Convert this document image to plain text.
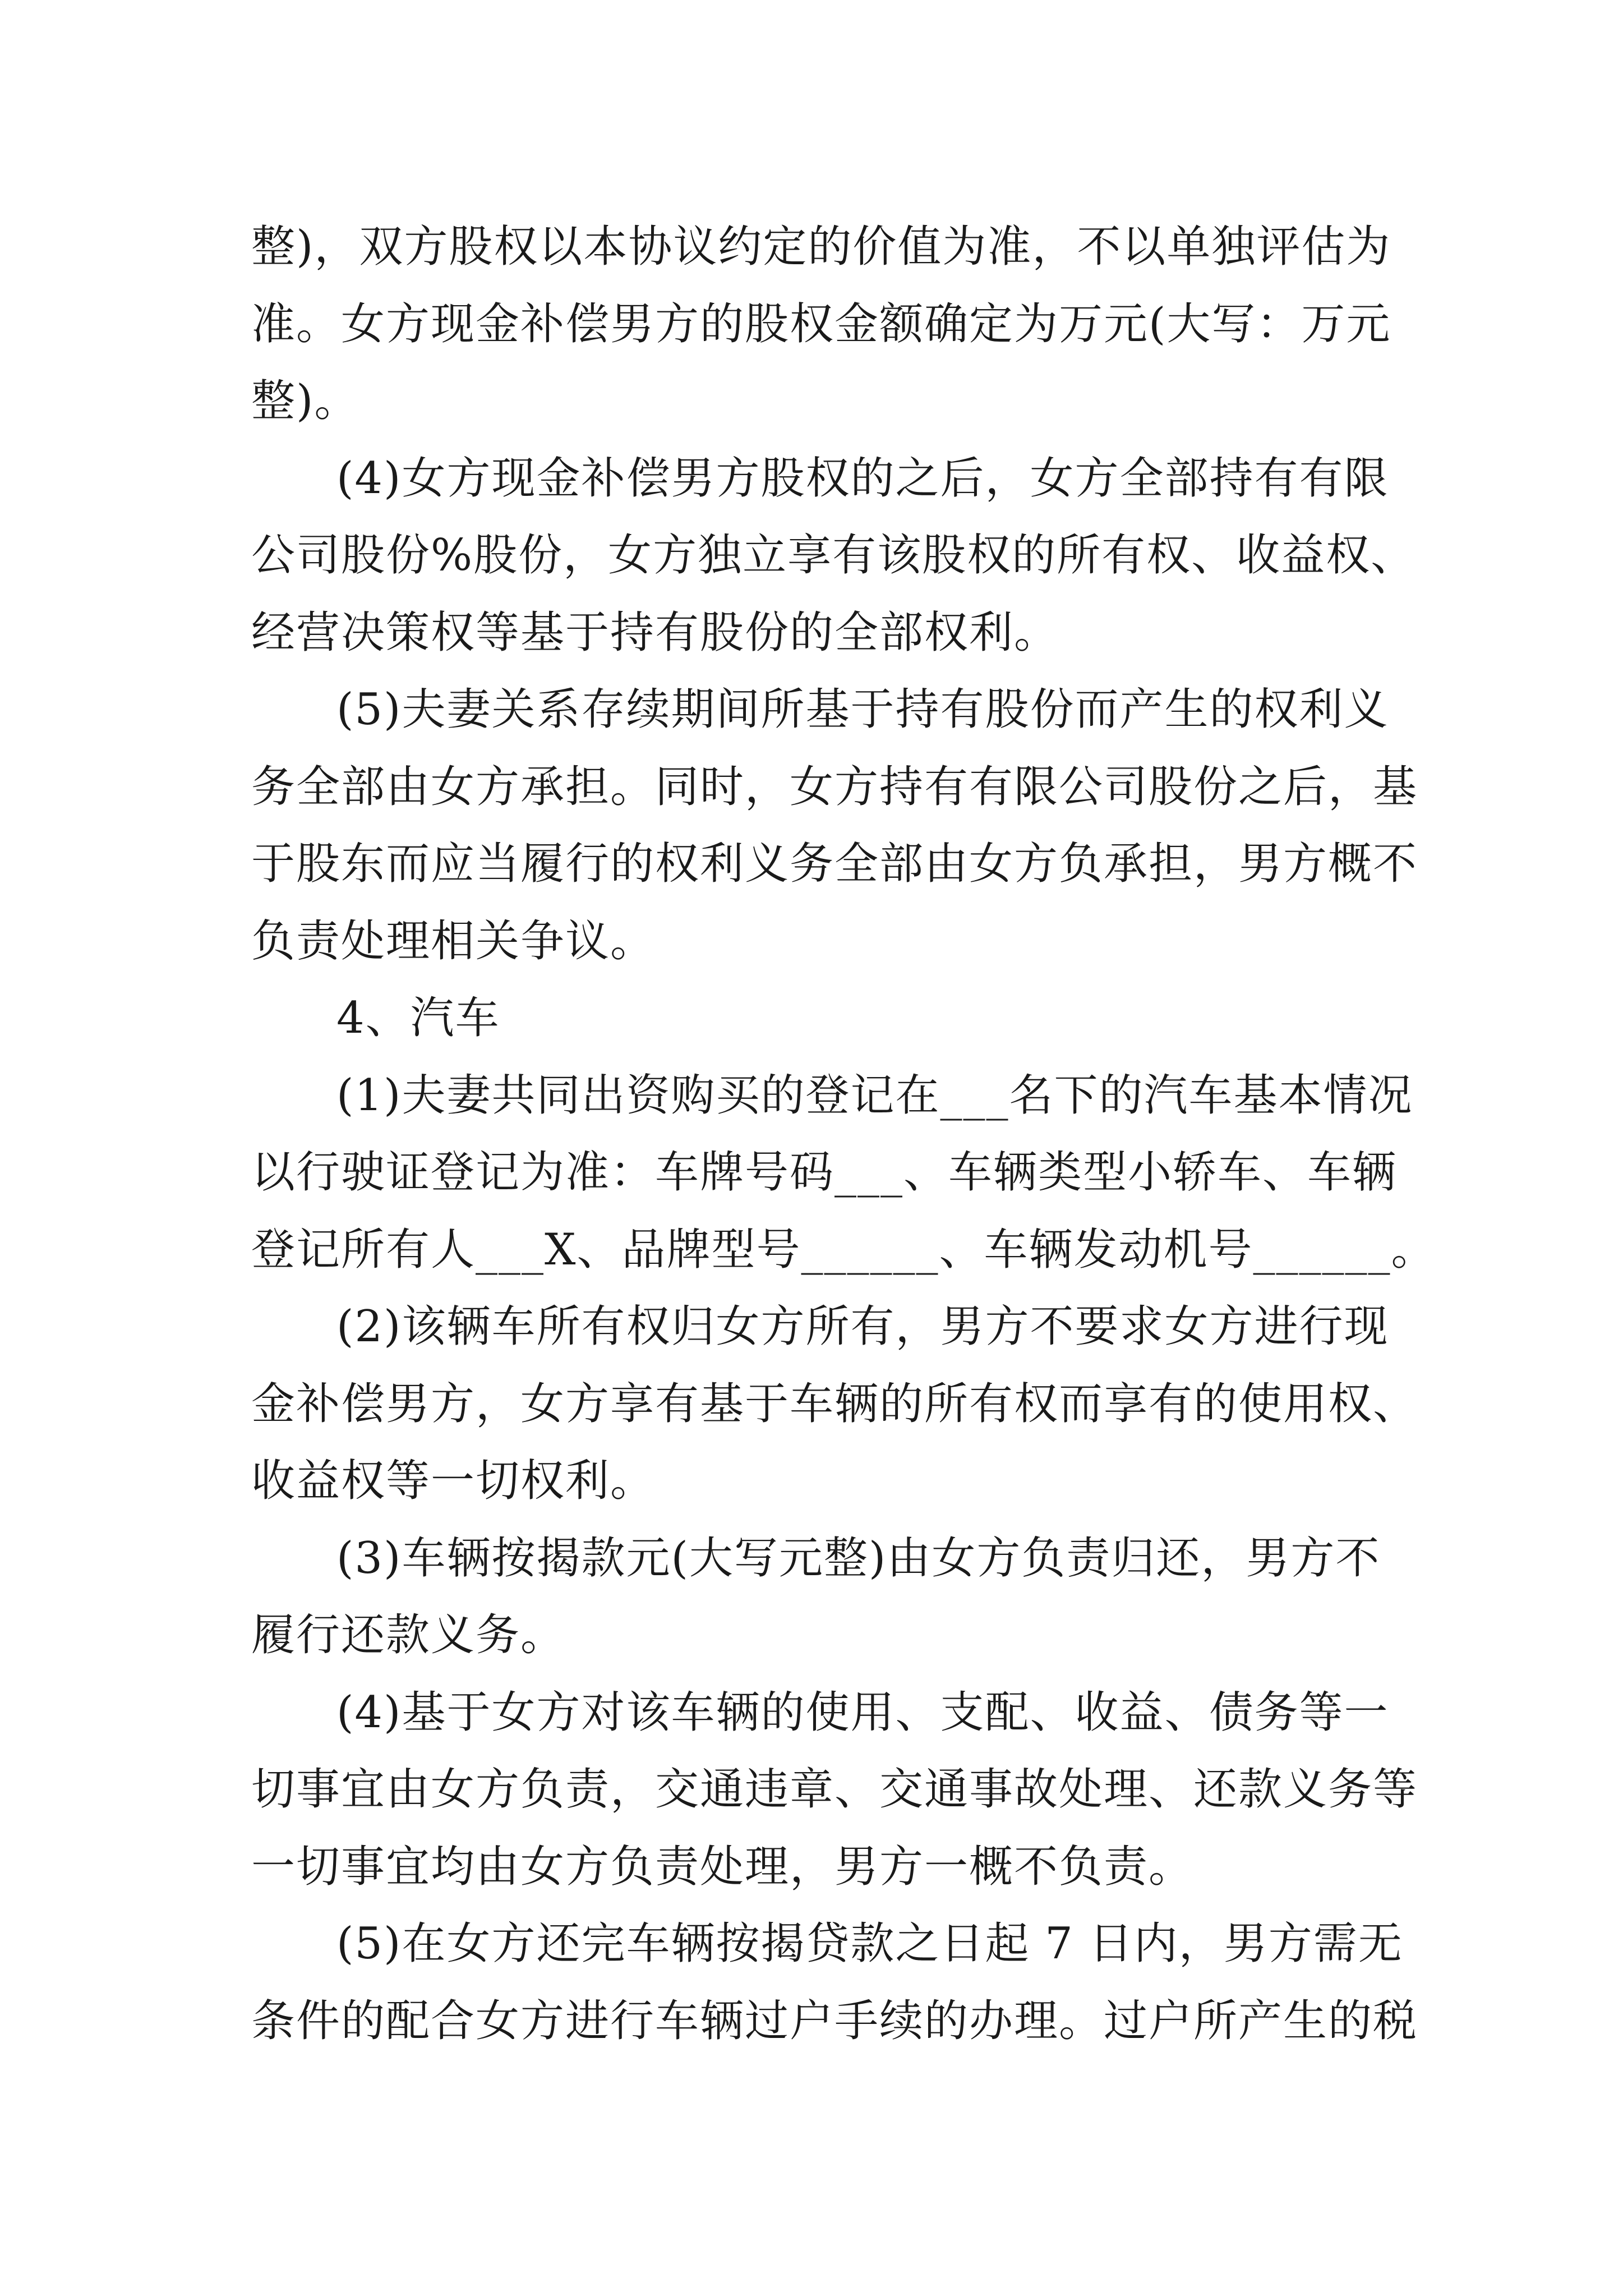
整)，双方股权以本协议约定的价值为准，不以单独评估为
准。女方现金补偿男方的股权金额确定为万元(大写：万元
整)。
(4)女方现金补偿男方股权的之后，女方全部持有有限
公司股份%股份，女方独立享有该股权的所有权、收益权、
经营决策权等基于持有股份的全部权利。
(5)夫妻关系存续期间所基于持有股份而产生的权利义
务全部由女方承担。同时，女方持有有限公司股份之后，基
于股东而应当履行的权利义务全部由女方负承担，男方概不
负责处理相关争议。
4、汽车
(1)夫妻共同出资购买的登记在___名下的汽车基本情况
以行驶证登记为准：车牌号码___、车辆类型小轿车、车辆
登记所有人___X、品牌型号______、车辆发动机号______。
(2)该辆车所有权归女方所有，男方不要求女方进行现
金补偿男方，女方享有基于车辆的所有权而享有的使用权、
收益权等一切权利。
(3)车辆按揭款元(大写元整)由女方负责归还，男方不
履行还款义务。
(4)基于女方对该车辆的使用、支配、收益、债务等一
切事宜由女方负责，交通违章、交通事故处理、还款义务等
一切事宜均由女方负责处理，男方一概不负责。
(5)在女方还完车辆按揭贷款之日起 7 日内，男方需无
条件的配合女方进行车辆过户手续的办理。过户所产生的税
